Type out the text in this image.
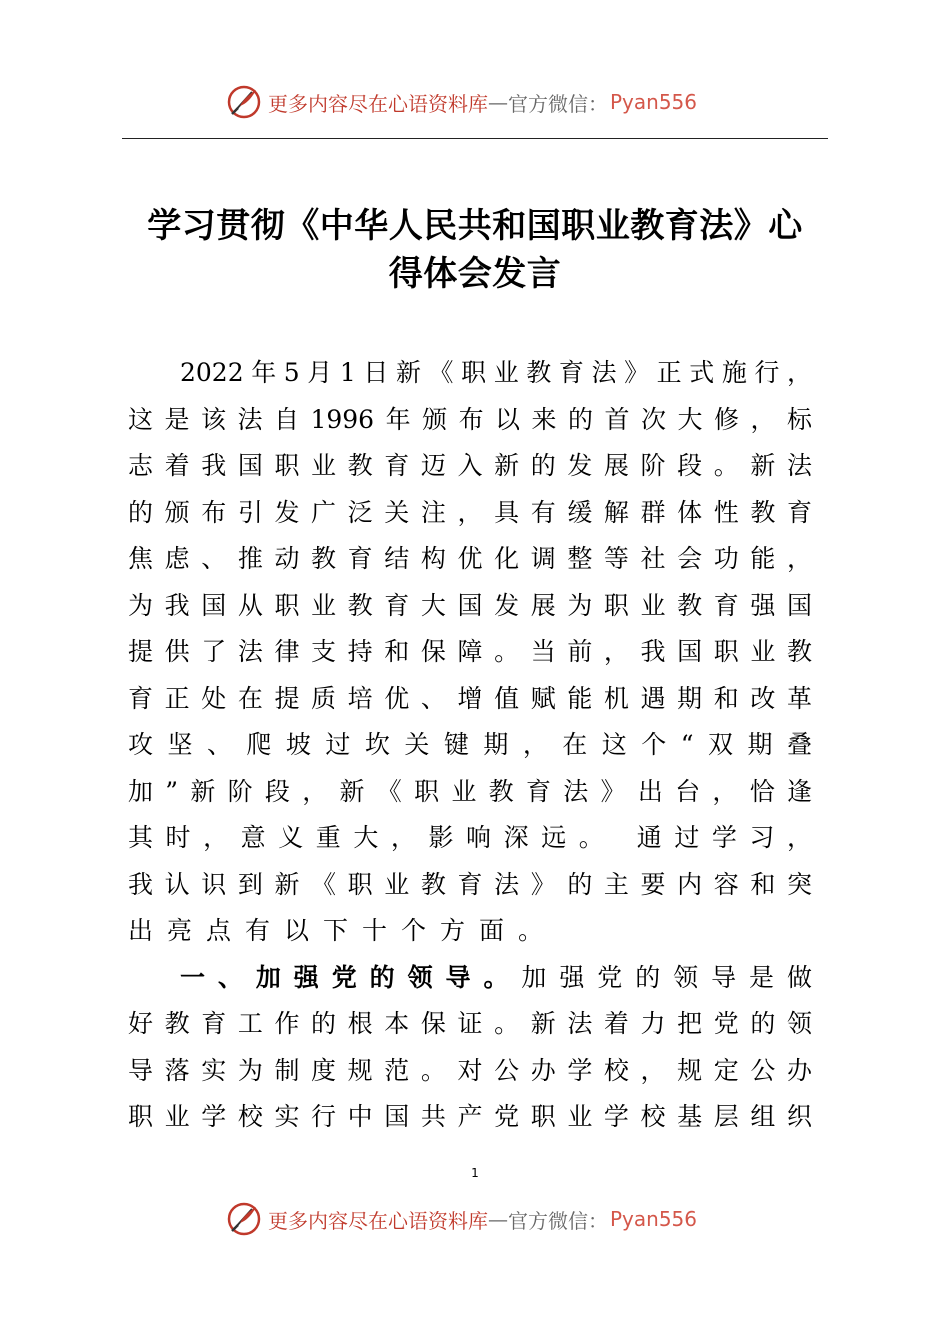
更多内容尽在心语资料库 — 官方微信： Pyan556
学习贯彻《中华人民共和国职业教育法》心
得体会发言
2022年5月1日新《职业教育法》正式施行，
这是该法自1996年颁布以来的首次大修，标
志着我国职业教育迈入新的发展阶段。新法
的颁布引发广泛关注，具有缓解群体性教育
焦虑、推动教育结构优化调整等社会功能，
为我国从职业教育大国发展为职业教育强国
提供了法律支持和保障。当前，我国职业教
育正处在提质培优、增值赋能机遇期和改革
攻坚、爬坡过坎关键期，在这个“双期叠
加”新阶段，新《职业教育法》出台，恰逢
其时，意义重大，影响深远。 通过学习，
我认识到新《职业教育法》的主要内容和突
出亮点有以下十个方面。
一、加强党的领导。加强党的领导是做
好教育工作的根本保证。新法着力把党的领
导落实为制度规范。对公办学校，规定公办
职业学校实行中国共产党职业学校基层组织
1
更多内容尽在心语资料库 — 官方微信： Pyan556
